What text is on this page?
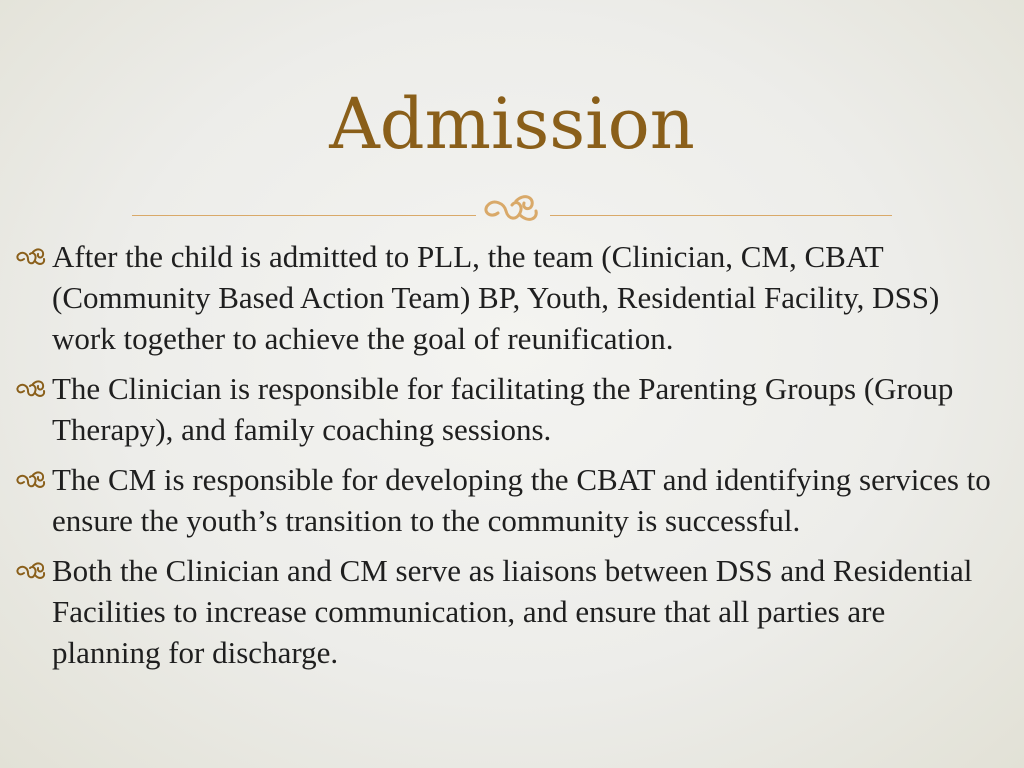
Admission
After the child is admitted to PLL, the team (Clinician, CM, CBAT (Community Based Action Team) BP, Youth, Residential Facility, DSS) work together to achieve the goal of reunification.
The Clinician is responsible for facilitating the Parenting Groups (Group Therapy), and family coaching sessions.
The CM is responsible for developing the CBAT and identifying services to ensure the youth’s transition to the community is successful.
Both the Clinician and CM serve as liaisons between DSS and Residential Facilities to increase communication, and ensure that all parties are planning for discharge.
